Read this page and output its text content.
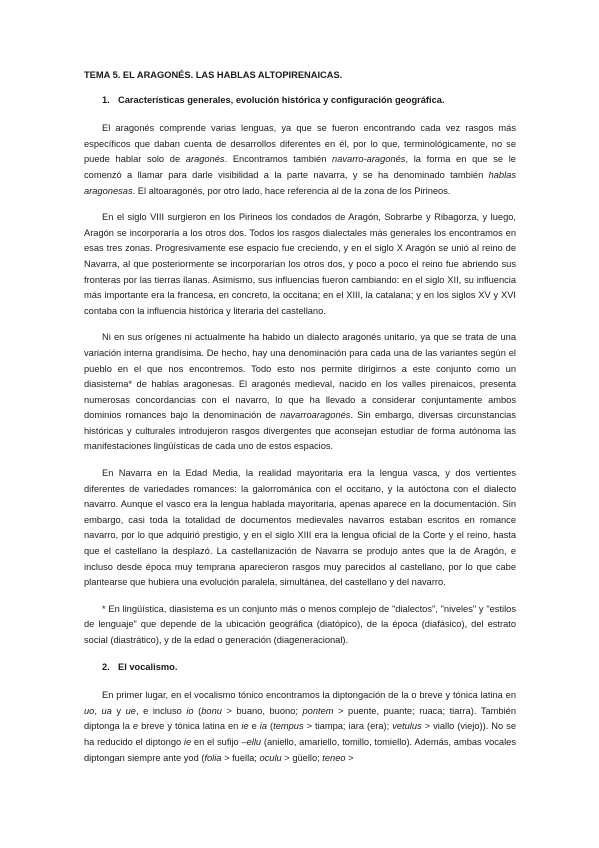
TEMA 5. EL ARAGONÉS. LAS HABLAS ALTOPIRENAICAS.
1. Características generales, evolución histórica y configuración geográfica.

El aragonés comprende varias lenguas, ya que se fueron encontrando cada vez rasgos más específicos que daban cuenta de desarrollos diferentes en él, por lo que, terminológicamente, no se puede hablar solo de aragonés. Encontramos también navarro-aragonés, la forma en que se le comenzó a llamar para darle visibilidad a la parte navarra, y se ha denominado también hablas aragonesas. El altoaragonés, por otro lado, hace referencia al de la zona de los Pirineos.

En el siglo VIII surgieron en los Pirineos los condados de Aragón, Sobrarbe y Ribagorza, y luego, Aragón se incorporaría a los otros dos. Todos los rasgos dialectales más generales los encontramos en esas tres zonas. Progresivamente ese espacio fue creciendo, y en el siglo X Aragón se unió al reino de Navarra, al que posteriormente se incorporarían los otros dos, y poco a poco el reino fue abriendo sus fronteras por las tierras llanas. Asimismo, sus influencias fueron cambiando: en el siglo XII, su influencia más importante era la francesa, en concreto, la occitana; en el XIII, la catalana; y en los siglos XV y XVI contaba con la influencia histórica y literaria del castellano.

Ni en sus orígenes ni actualmente ha habido un dialecto aragonés unitario, ya que se trata de una variación interna grandísima. De hecho, hay una denominación para cada una de las variantes según el pueblo en el que nos encontremos. Todo esto nos permite dirigirnos a este conjunto como un diasistema* de hablas aragonesas. El aragonés medieval, nacido en los valles pirenaicos, presenta numerosas concordancias con el navarro, lo que ha llevado a considerar conjuntamente ambos dominios romances bajo la denominación de navarroaragonés. Sin embargo, diversas circunstancias históricas y culturales introdujeron rasgos divergentes que aconsejan estudiar de forma autónoma las manifestaciones lingüísticas de cada uno de estos espacios.

En Navarra en la Edad Media, la realidad mayoritaria era la lengua vasca, y dos vertientes diferentes de variedades romances: la galorrománica con el occitano, y la autóctona con el dialecto navarro. Aunque el vasco era la lengua hablada mayoritaria, apenas aparece en la documentación. Sin embargo, casi toda la totalidad de documentos medievales navarros estaban escritos en romance navarro, por lo que adquirió prestigio, y en el siglo XIII era la lengua oficial de la Corte y el reino, hasta que el castellano la desplazó. La castellanización de Navarra se produjo antes que la de Aragón, e incluso desde época muy temprana aparecieron rasgos muy parecidos al castellano, por lo que cabe plantearse que hubiera una evolución paralela, simultánea, del castellano y del navarro.

* En lingüística, diasistema es un conjunto más o menos complejo de "dialectos", "niveles" y "estilos de lenguaje" que depende de la ubicación geográfica (diatópico), de la época (diafásico), del estrato social (diastrático), y de la edad o generación (diageneracional).

2. El vocalismo.

En primer lugar, en el vocalismo tónico encontramos la diptongación de la o breve y tónica latina en uo, ua y ue, e incluso io (bonu > buano, buono; pontem > puente, puante; ruaca; tiarra). También diptonga la e breve y tónica latina en ie e ia (tempus > tiampa; iara (era); vetulus > viallo (viejo)). No se ha reducido el diptongo ie en el sufijo –ellu (aniello, amariello, tomillo, tomiello). Además, ambas vocales diptongan siempre ante yod (folia > fuella; oculu > güello; teneo >
